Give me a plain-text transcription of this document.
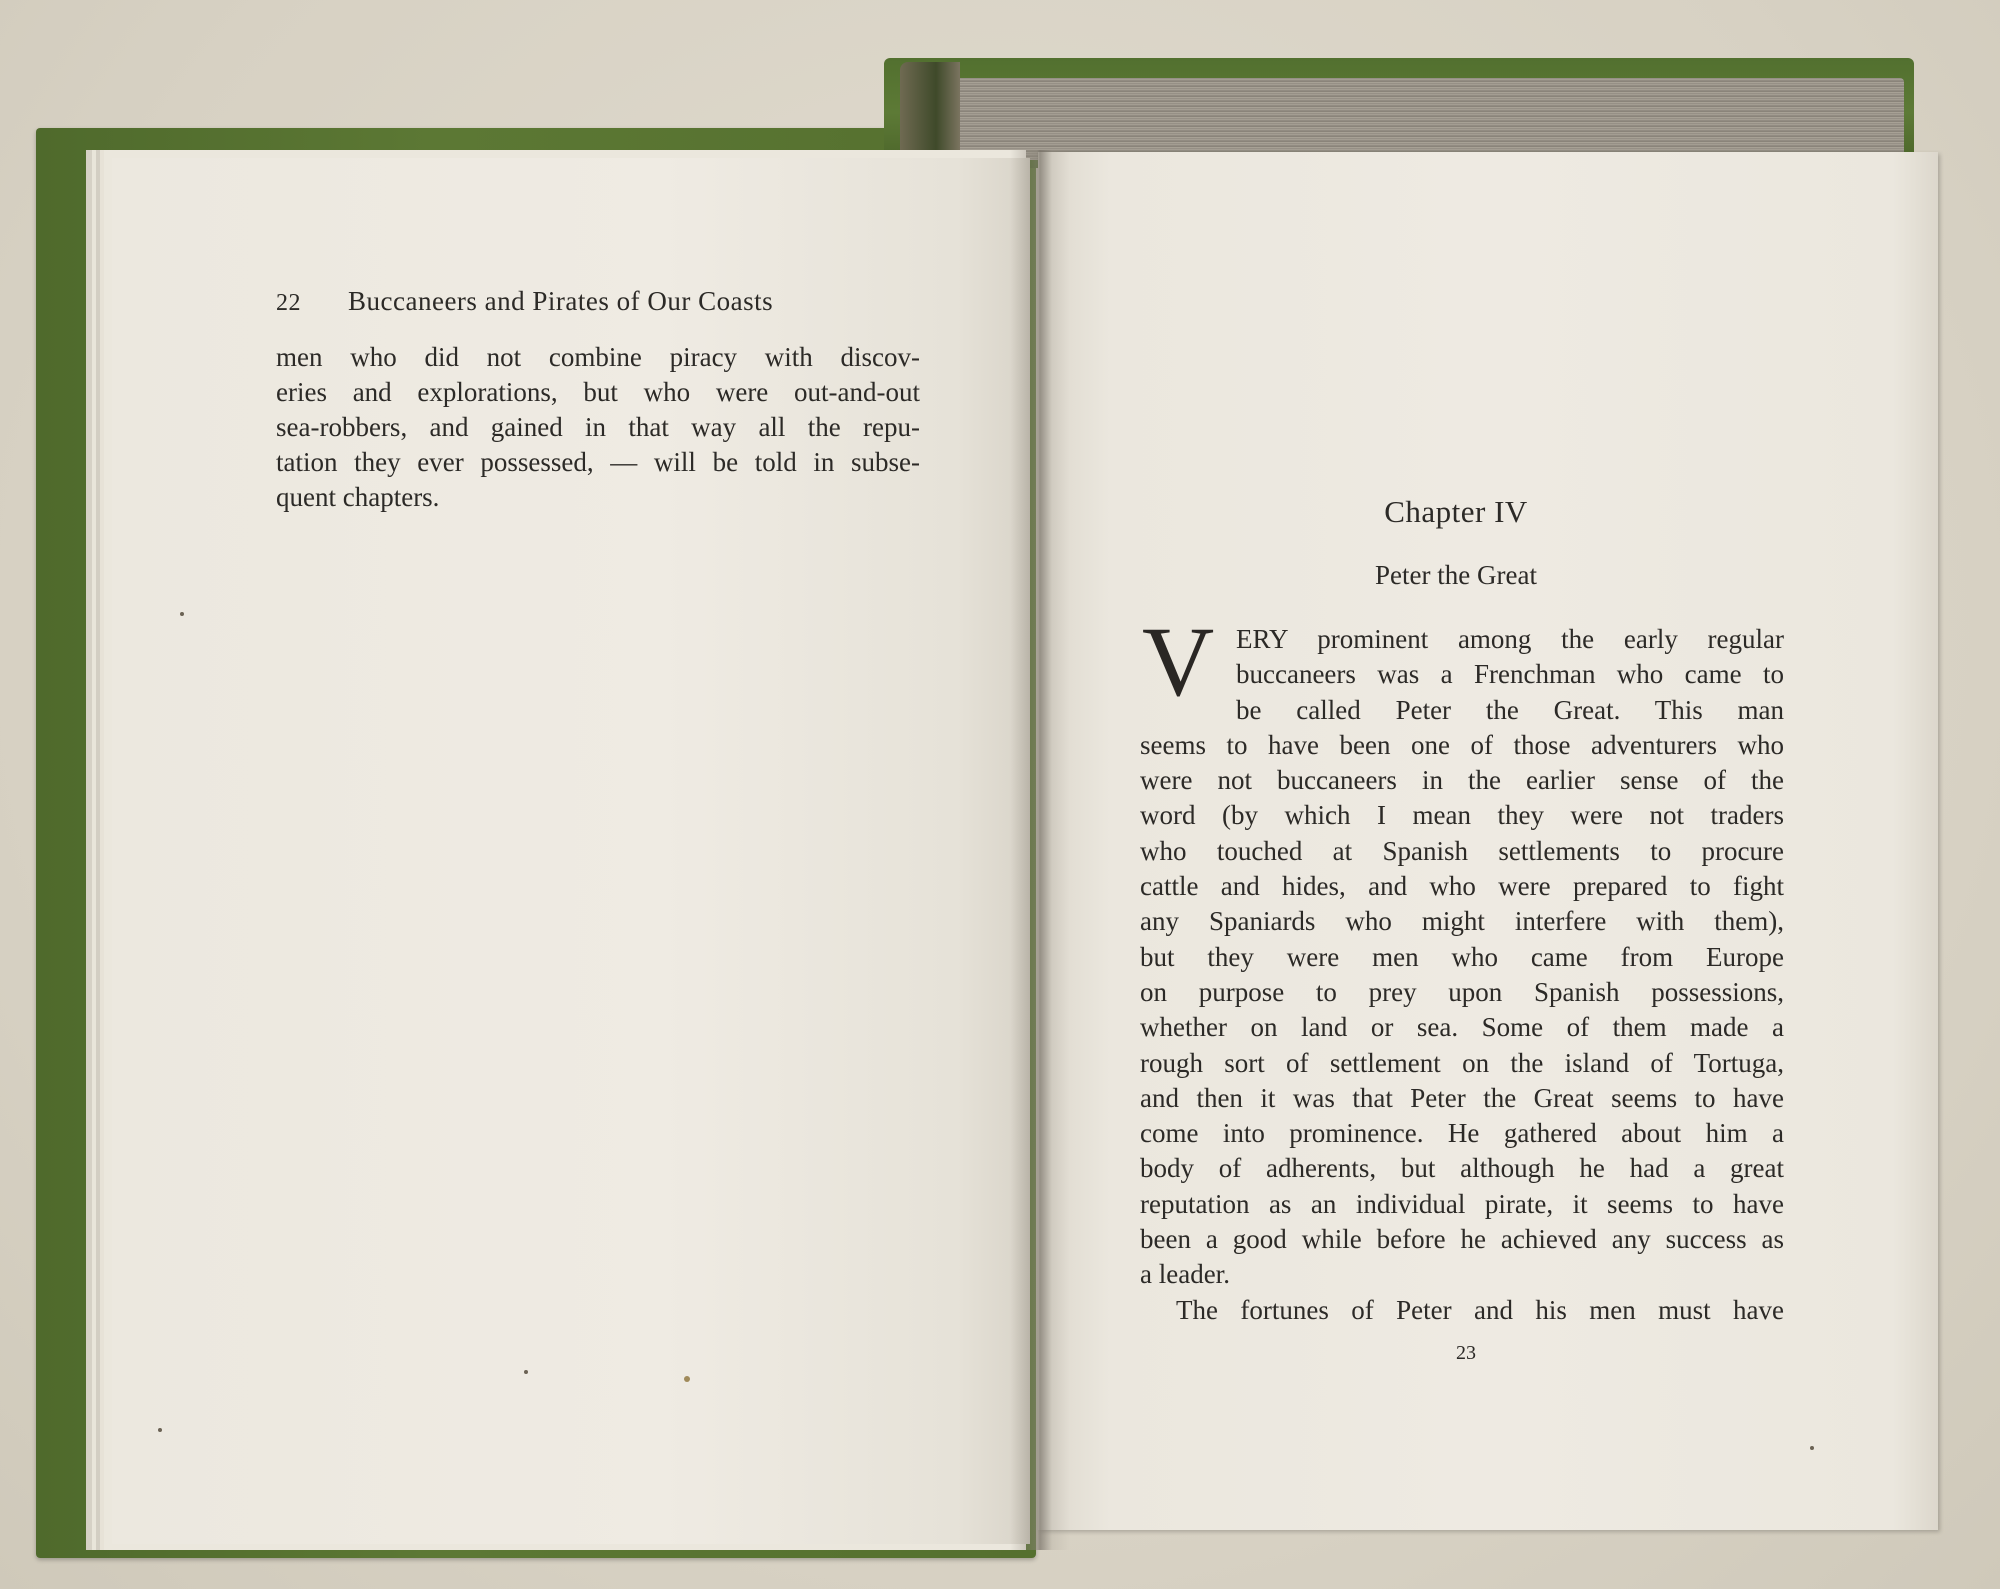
22 Buccaneers and Pirates of Our Coasts
men who did not combine piracy with discov-
eries and explorations, but who were out-and-out
sea-robbers, and gained in that way all the repu-
tation they ever possessed, — will be told in subse-
quent chapters.	Chapter IV
Peter the Great
V ERY prominent among the early regular
buccaneers was a Frenchman who came to
be called Peter the Great. This man
seems to have been one of those adventurers who
were not buccaneers in the earlier sense of the
word (by which I mean they were not traders
who touched at Spanish settlements to procure
cattle and hides, and who were prepared to fight
any Spaniards who might interfere with them),
but they were men who came from Europe
on purpose to prey upon Spanish possessions,
whether on land or sea. Some of them made a
rough sort of settlement on the island of Tortuga,
and then it was that Peter the Great seems to have
come into prominence. He gathered about him a
body of adherents, but although he had a great
reputation as an individual pirate, it seems to have
been a good while before he achieved any success as
a leader.
The fortunes of Peter and his men must have
23
